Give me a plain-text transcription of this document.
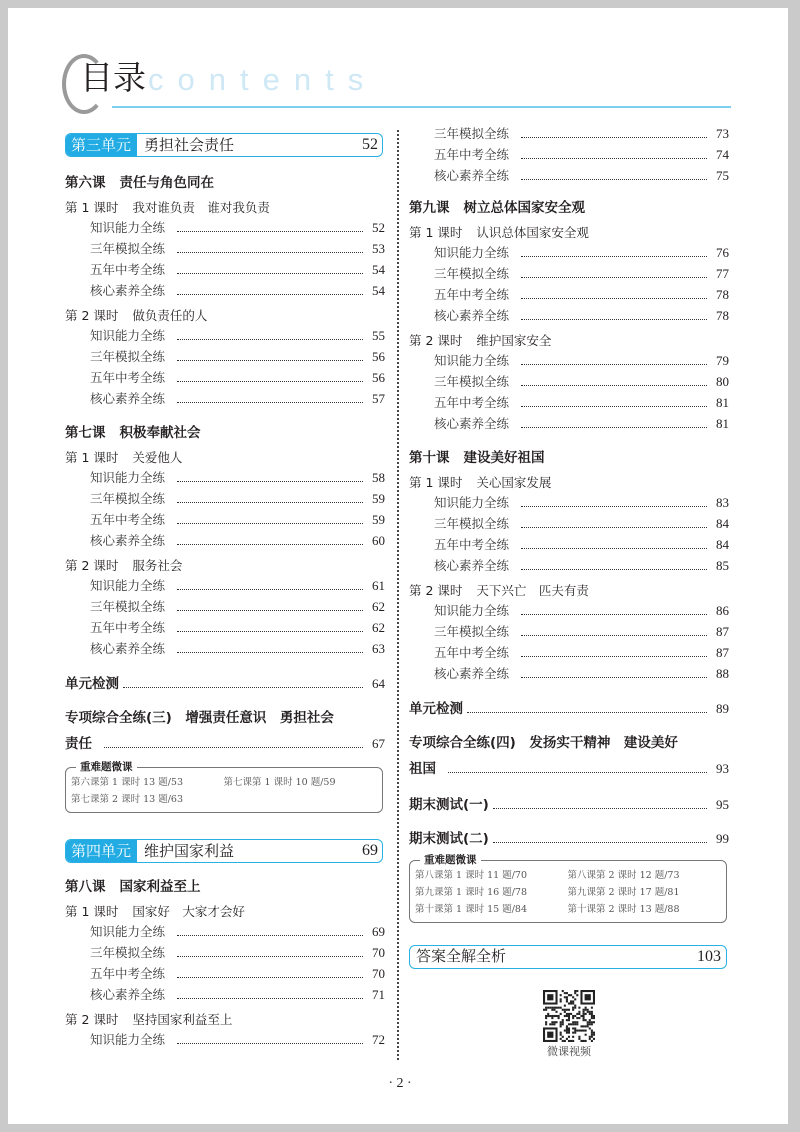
目录 contents
第三单元 勇担社会责任	52
第六课 责任与角色同在
第 1 课时 我对谁负责　谁对我负责
知识能力全练	52
三年模拟全练	53
五年中考全练	54
核心素养全练	54
第 2 课时 做负责任的人
知识能力全练	55
三年模拟全练	56
五年中考全练	56
核心素养全练	57
第七课 积极奉献社会
第 1 课时 关爱他人
知识能力全练	58
三年模拟全练	59
五年中考全练	59
核心素养全练	60
第 2 课时 服务社会
知识能力全练	61
三年模拟全练	62
五年中考全练	62
核心素养全练	63
单元检测	64
专项综合全练(三)　增强责任意识　勇担社会
责任	67
重难题微课
第六课第 1 课时 13 题/53	第七课第 1 课时 10 题/59
第七课第 2 课时 13 题/63
第四单元 维护国家利益	69
第八课 国家利益至上
第 1 课时 国家好　大家才会好
知识能力全练	69
三年模拟全练	70
五年中考全练	70
核心素养全练	71
第 2 课时 坚持国家利益至上
知识能力全练	72
三年模拟全练	73
五年中考全练	74
核心素养全练	75
第九课 树立总体国家安全观
第 1 课时 认识总体国家安全观
知识能力全练	76
三年模拟全练	77
五年中考全练	78
核心素养全练	78
第 2 课时 维护国家安全
知识能力全练	79
三年模拟全练	80
五年中考全练	81
核心素养全练	81
第十课 建设美好祖国
第 1 课时 关心国家发展
知识能力全练	83
三年模拟全练	84
五年中考全练	84
核心素养全练	85
第 2 课时 天下兴亡　匹夫有责
知识能力全练	86
三年模拟全练	87
五年中考全练	87
核心素养全练	88
单元检测	89
专项综合全练(四)　发扬实干精神　建设美好
祖国	93
期末测试(一)	95
期末测试(二)	99
重难题微课
第八课第 1 课时 11 题/70	第八课第 2 课时 12 题/73
第九课第 1 课时 16 题/78	第九课第 2 课时 17 题/81
第十课第 1 课时 15 题/84	第十课第 2 课时 13 题/88
答案全解全析	103
微课视频
· 2 ·
